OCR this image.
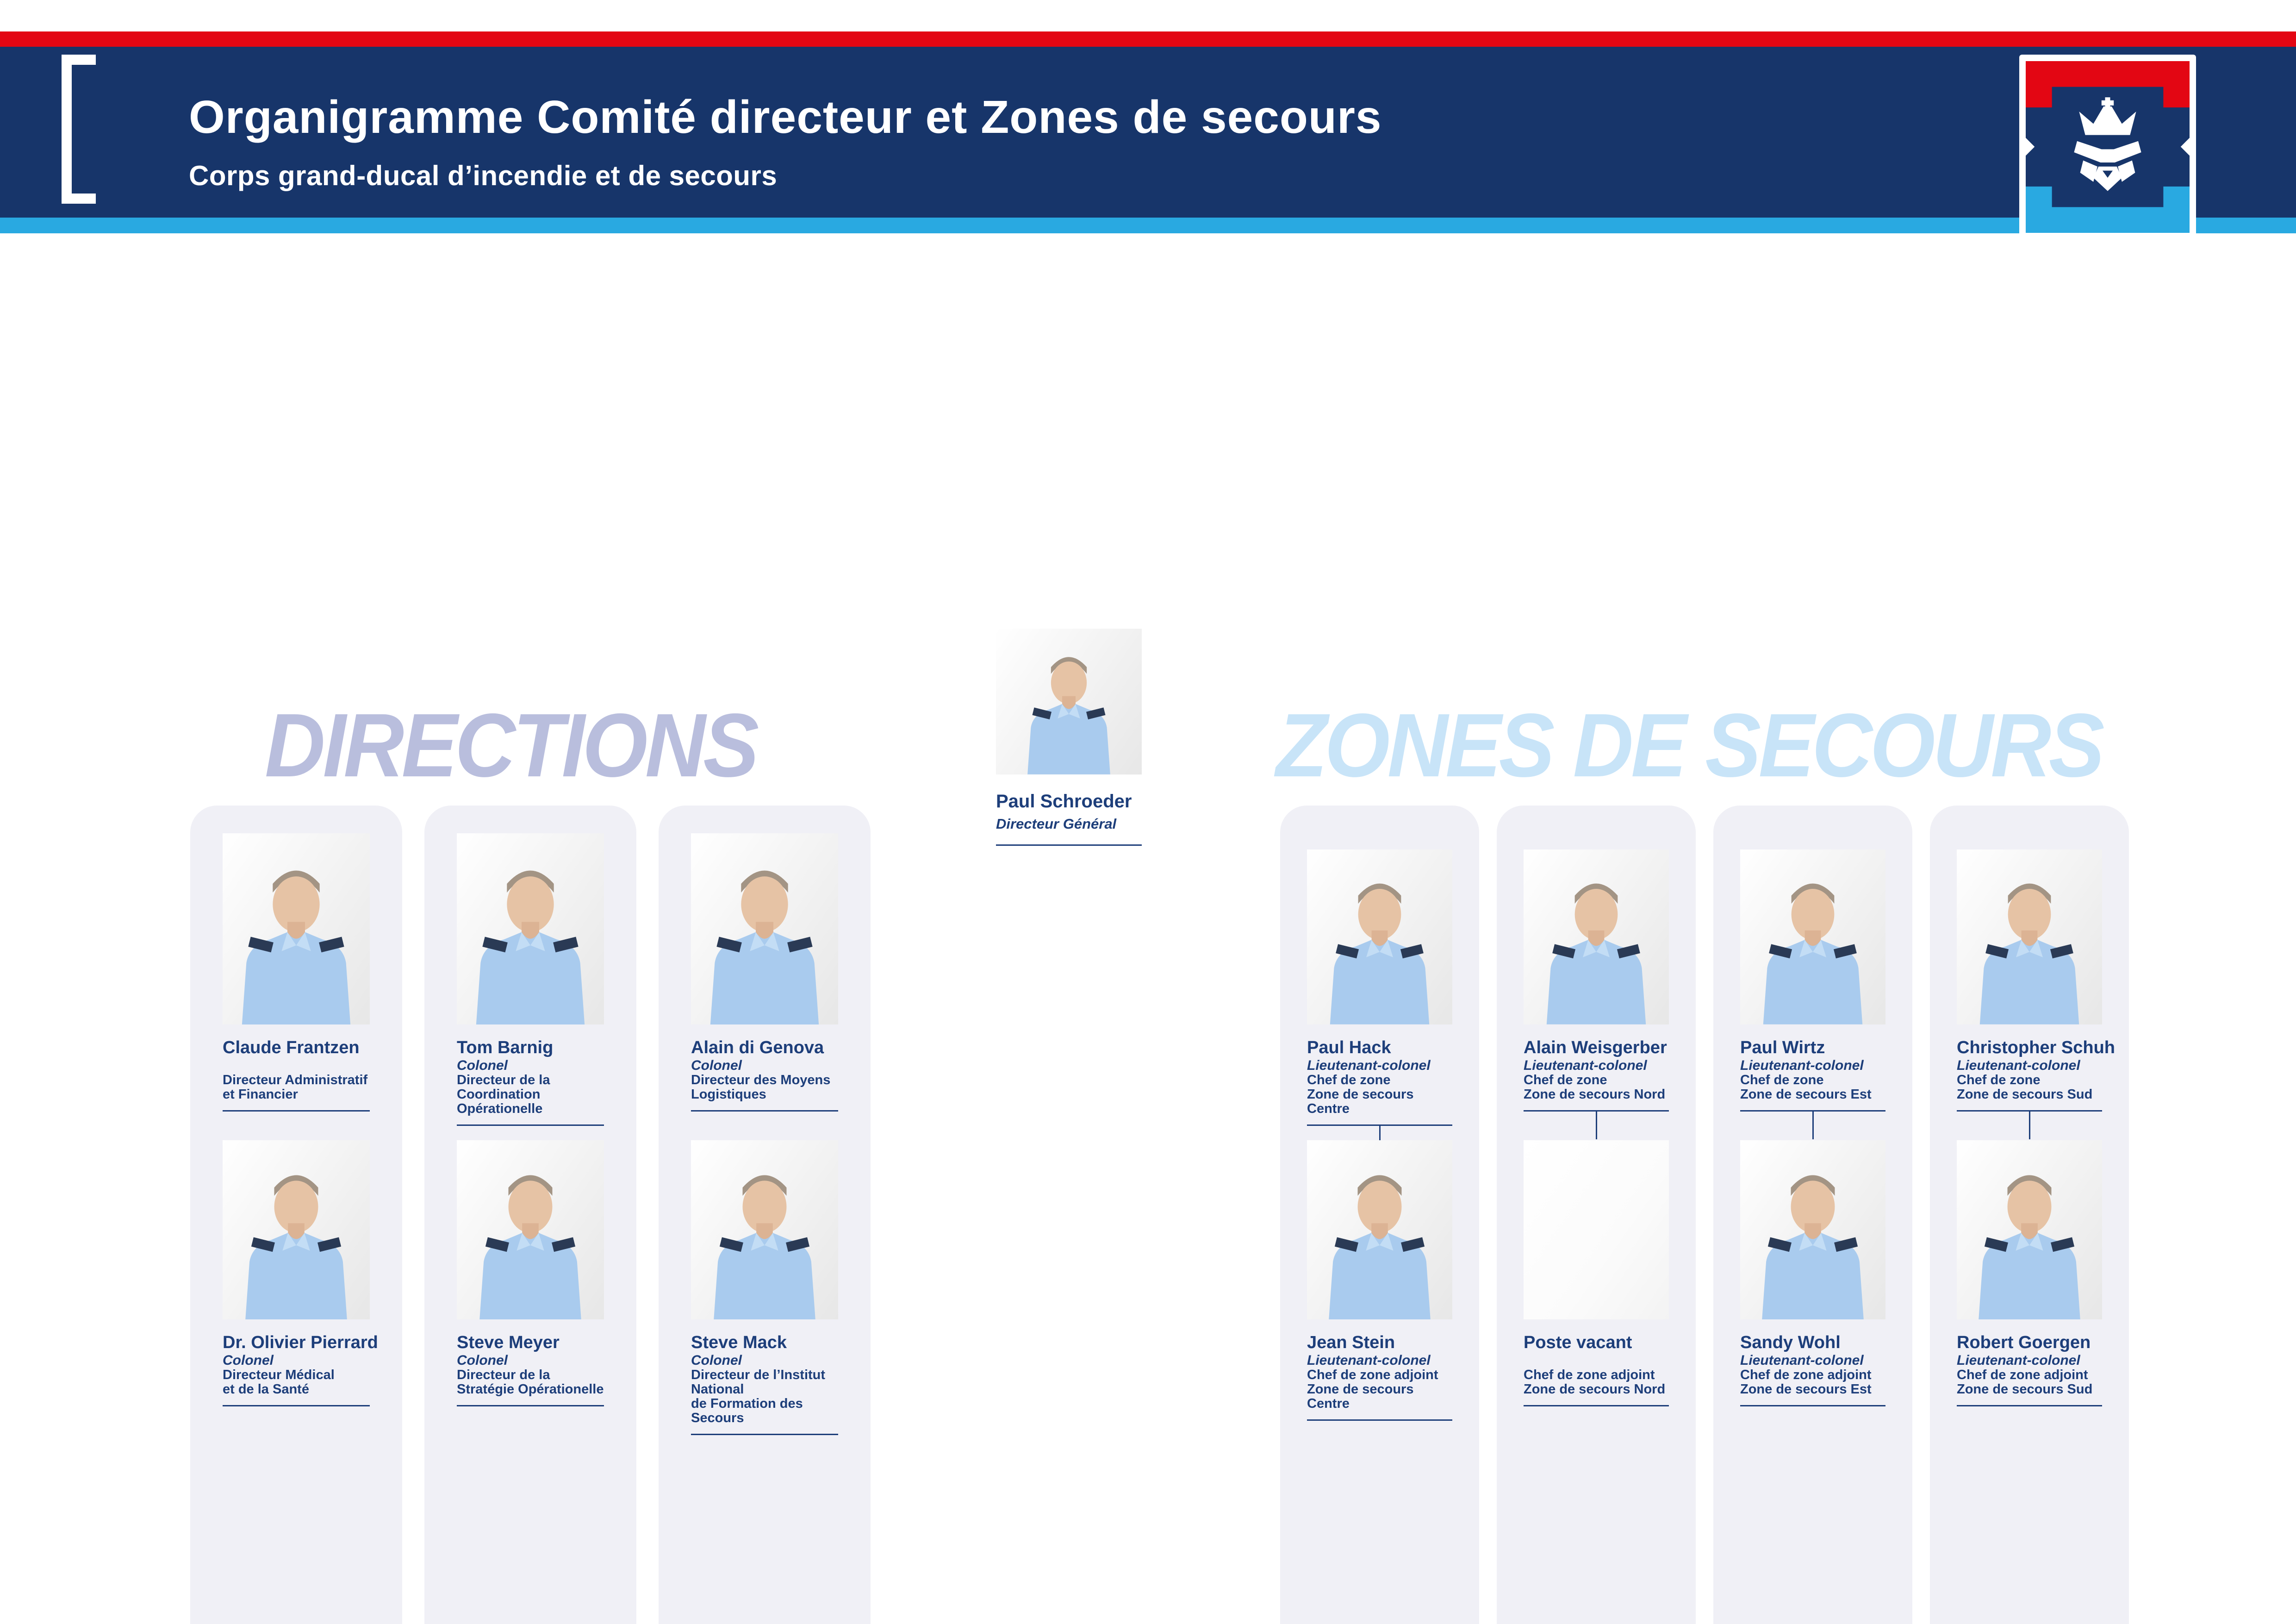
Organigramme Comité directeur et Zones de secours
Corps grand-ducal d’incendie et de secours
DIRECTIONS	ZONES DE SECOURS
Paul Schroeder
Directeur Général
Claude Frantzen

Directeur Administratif
et Financier
Dr. Olivier Pierrard
Colonel
Directeur Médical
et de la Santé
Tom Barnig
Colonel
Directeur de la Coordination
Opérationelle
Steve Meyer
Colonel
Directeur de la
Stratégie Opérationelle
Alain di Genova
Colonel
Directeur des Moyens
Logistiques
Steve Mack
Colonel
Directeur de l’Institut National
de Formation des Secours
Paul Hack
Lieutenant-colonel
Chef de zone
Zone de secours Centre
Jean Stein
Lieutenant-colonel
Chef de zone adjoint
Zone de secours Centre
Alain Weisgerber
Lieutenant-colonel
Chef de zone
Zone de secours Nord
Poste vacant

Chef de zone adjoint
Zone de secours Nord
Paul Wirtz
Lieutenant-colonel
Chef de zone
Zone de secours Est
Sandy Wohl
Lieutenant-colonel
Chef de zone adjoint
Zone de secours Est
Christopher Schuh
Lieutenant-colonel
Chef de zone
Zone de secours Sud
Robert Goergen
Lieutenant-colonel
Chef de zone adjoint
Zone de secours Sud
